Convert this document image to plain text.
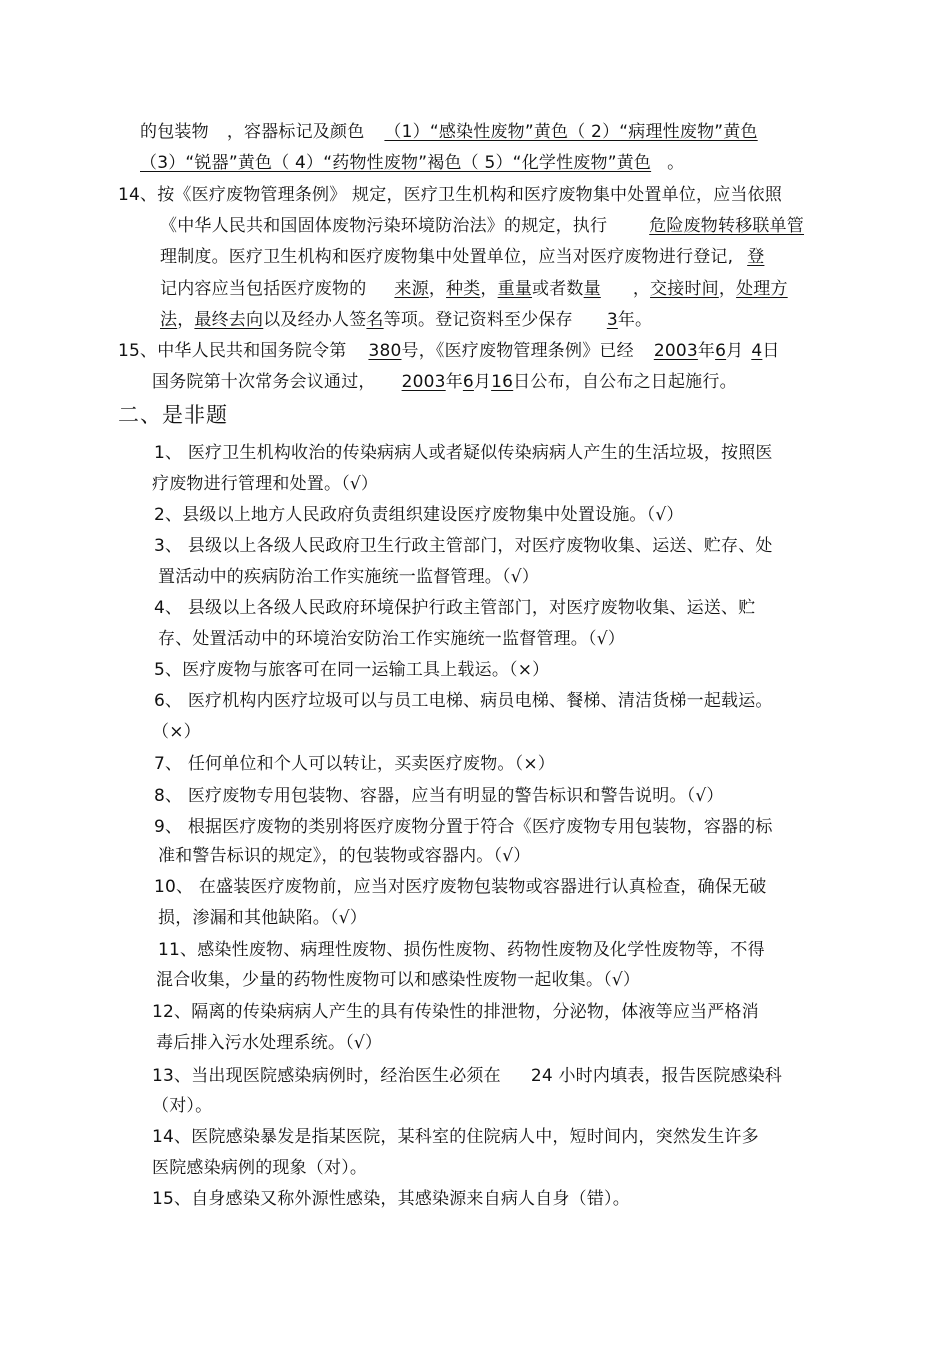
的包装物 ，容器标记及颜色 （1）“感染性废物”黄色（ 2）“病理性废物”黄色
（3）“锐器”黄色（ 4）“药物性废物”褐色（ 5）“化学性废物”黄色 。
14、按《医疗废物管理条例》 规定，医疗卫生机构和医疗废物集中处置单位，应当依照
《中华人民共和国固体废物污染环境防治法》的规定，执行 危险废物转移联单管
理制度。医疗卫生机构和医疗废物集中处置单位，应当对医疗废物进行登记, 登
记内容应当包括医疗废物的 来源，种类，重量或者数量 ，交接时间，处理方
法，最终去向以及经办人签名等项。登记资料至少保存 3年。
15、中华人民共和国务院令第 380号，《医疗废物管理条例》已经 2003年6月 4日
国务院第十次常务会议通过， 2003年6月16日公布，自公布之日起施行。
二、是非题
1、 医疗卫生机构收治的传染病病人或者疑似传染病病人产生的生活垃圾，按照医
疗废物进行管理和处置。（√）
2、县级以上地方人民政府负责组织建设医疗废物集中处置设施。（√）
3、 县级以上各级人民政府卫生行政主管部门，对医疗废物收集、运送、贮存、处
置活动中的疾病防治工作实施统一监督管理。（√）
4、 县级以上各级人民政府环境保护行政主管部门，对医疗废物收集、运送、贮
存、处置活动中的环境治安防治工作实施统一监督管理。（√）
5、医疗废物与旅客可在同一运输工具上载运。（×）
6、 医疗机构内医疗垃圾可以与员工电梯、病员电梯、餐梯、清洁货梯一起载运。
（×）
7、 任何单位和个人可以转让，买卖医疗废物。（×）
8、 医疗废物专用包装物、容器，应当有明显的警告标识和警告说明。（√）
9、 根据医疗废物的类别将医疗废物分置于符合《医疗废物专用包装物，容器的标
准和警告标识的规定》，的包装物或容器内。（√）
10、 在盛装医疗废物前，应当对医疗废物包装物或容器进行认真检查，确保无破
损，渗漏和其他缺陷。（√）
11、感染性废物、病理性废物、损伤性废物、药物性废物及化学性废物等，不得
混合收集，少量的药物性废物可以和感染性废物一起收集。（√）
12、隔离的传染病病人产生的具有传染性的排泄物，分泌物，体液等应当严格消
毒后排入污水处理系统。（√）
13、当出现医院感染病例时，经治医生必须在 24 小时内填表，报告医院感染科
（对）。
14、医院感染暴发是指某医院，某科室的住院病人中，短时间内，突然发生许多
医院感染病例的现象（对）。
15、自身感染又称外源性感染，其感染源来自病人自身（错）。
